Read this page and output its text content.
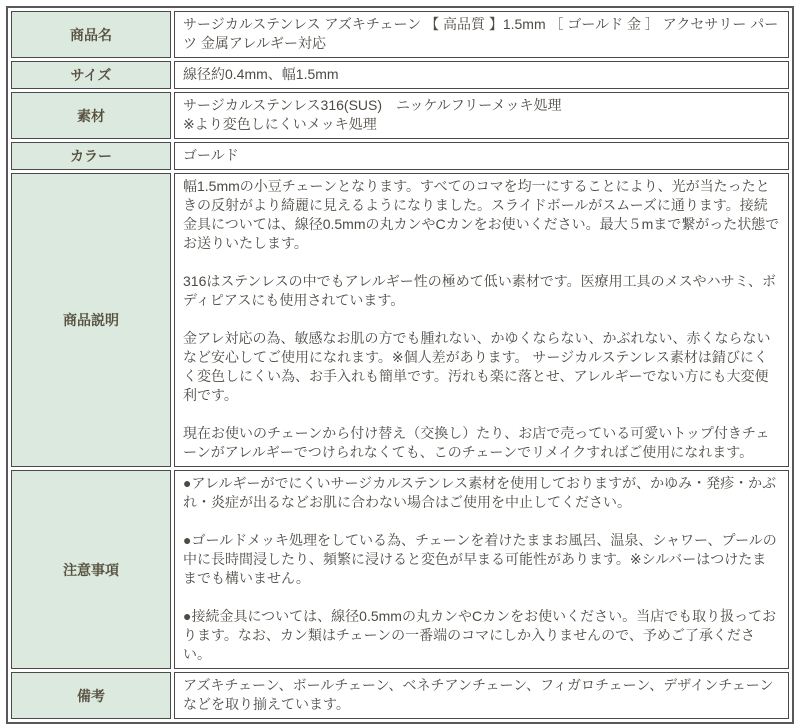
商品名	サージカルステンレス アズキチェーン 【 高品質 】1.5mm ［ ゴールド 金 ］ アクセサリー パーツ 金属アレルギー対応
サイズ	線径約0.4mm、幅1.5mm
素材	サージカルステンレス316(SUS)　ニッケルフリーメッキ処理
※より変色しにくいメッキ処理

カラー	ゴールド
商品説明	幅1.5mmの小豆チェーンとなります。すべてのコマを均一にすることにより、光が当たったときの反射がより綺麗に見えるようになりました。スライドボールがスムーズに通ります。接続金具については、線径0.5mmの丸カンやCカンをお使いください。最大５mまで繋がった状態でお送りいたします。

316はステンレスの中でもアレルギー性の極めて低い素材です。医療用工具のメスやハサミ、ボディピアスにも使用されています。

金アレ対応の為、敏感なお肌の方でも腫れない、かゆくならない、かぶれない、赤くならないなど安心してご使用になれます。※個人差があります。 サージカルステンレス素材は錆びにくく変色しにくい為、お手入れも簡単です。汚れも楽に落とせ、アレルギーでない方にも大変便利です。

現在お使いのチェーンから付け替え（交換し）たり、お店で売っている可愛いトップ付きチェーンがアレルギーでつけられなくても、このチェーンでリメイクすればご使用になれます。

注意事項	●アレルギーがでにくいサージカルステンレス素材を使用しておりますが、かゆみ・発疹・かぶれ・炎症が出るなどお肌に合わない場合はご使用を中止してください。

●ゴールドメッキ処理をしている為、チェーンを着けたままお風呂、温泉、シャワー、プールの中に長時間浸したり、頻繁に浸けると変色が早まる可能性があります。※シルバーはつけたままでも構いません。

●接続金具については、線径0.5mmの丸カンやCカンをお使いください。当店でも取り扱っております。なお、カン類はチェーンの一番端のコマにしか入りませんので、予めご了承ください。

備考	アズキチェーン、ボールチェーン、ベネチアンチェーン、フィガロチェーン、デザインチェーンなどを取り揃えています。
